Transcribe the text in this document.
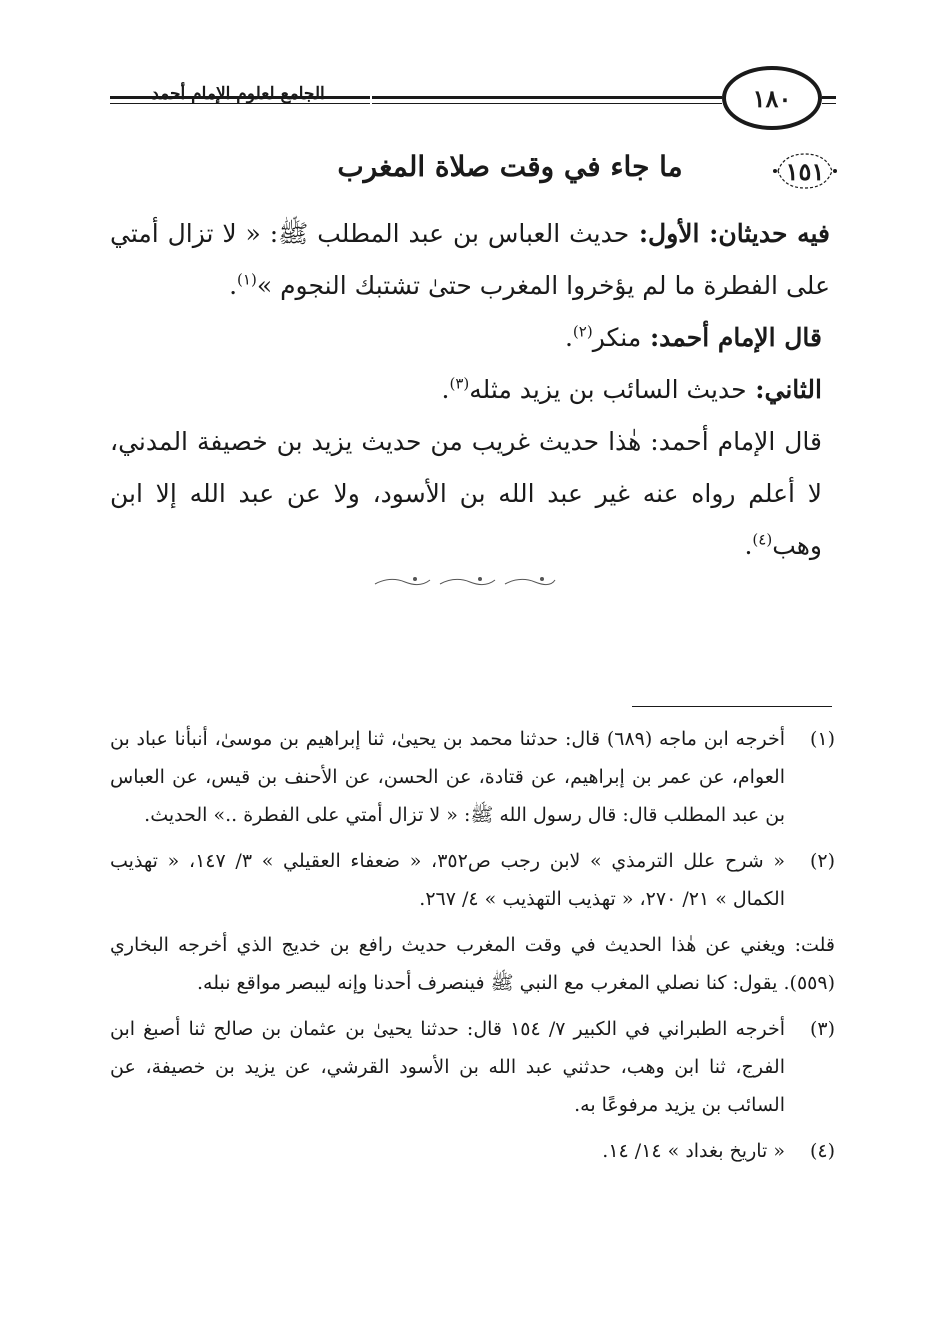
الجامع لعلوم الإمام أحمد	١٨٠
١٥١
ما جاء في وقت صلاة المغرب

فيه حديثان: الأول: حديث العباس بن عبد المطلب ﷺ: « لا تزال أمتي على الفطرة ما لم يؤخروا المغرب حتىٰ تشتبك النجوم »$^{(١)}$.

قال الإمام أحمد: منكر$^{(٢)}$.

الثاني: حديث السائب بن يزيد مثله$^{(٣)}$.

قال الإمام أحمد: هٰذا حديث غريب من حديث يزيد بن خصيفة المدني، لا أعلم رواه عنه غير عبد الله بن الأسود، ولا عن عبد الله إلا ابن وهب$^{(٤)}$.

(١)
أخرجه ابن ماجه (٦٨٩) قال: حدثنا محمد بن يحيىٰ، ثنا إبراهيم بن موسىٰ، أنبأنا عباد بن العوام، عن عمر بن إبراهيم، عن قتادة، عن الحسن، عن الأحنف بن قيس، عن العباس بن عبد المطلب قال: قال رسول الله ﷺ: « لا تزال أمتي على الفطرة ..» الحديث.
(٢)
« شرح علل الترمذي » لابن رجب ص٣٥٢، « ضعفاء العقيلي » ٣/ ١٤٧، « تهذيب الكمال » ٢١/ ٢٧٠، « تهذيب التهذيب » ٤/ ٢٦٧.

قلت: ويغني عن هٰذا الحديث في وقت المغرب حديث رافع بن خديج الذي أخرجه البخاري (٥٥٩). يقول: كنا نصلي المغرب مع النبي ﷺ فينصرف أحدنا وإنه ليبصر مواقع نبله.

(٣)
أخرجه الطبراني في الكبير ٧/ ١٥٤ قال: حدثنا يحيىٰ بن عثمان بن صالح ثنا أصبغ ابن الفرج، ثنا ابن وهب، حدثني عبد الله بن الأسود القرشي، عن يزيد بن خصيفة، عن السائب بن يزيد مرفوعًا به.
(٤)
« تاريخ بغداد » ١٤/ ١٤.
